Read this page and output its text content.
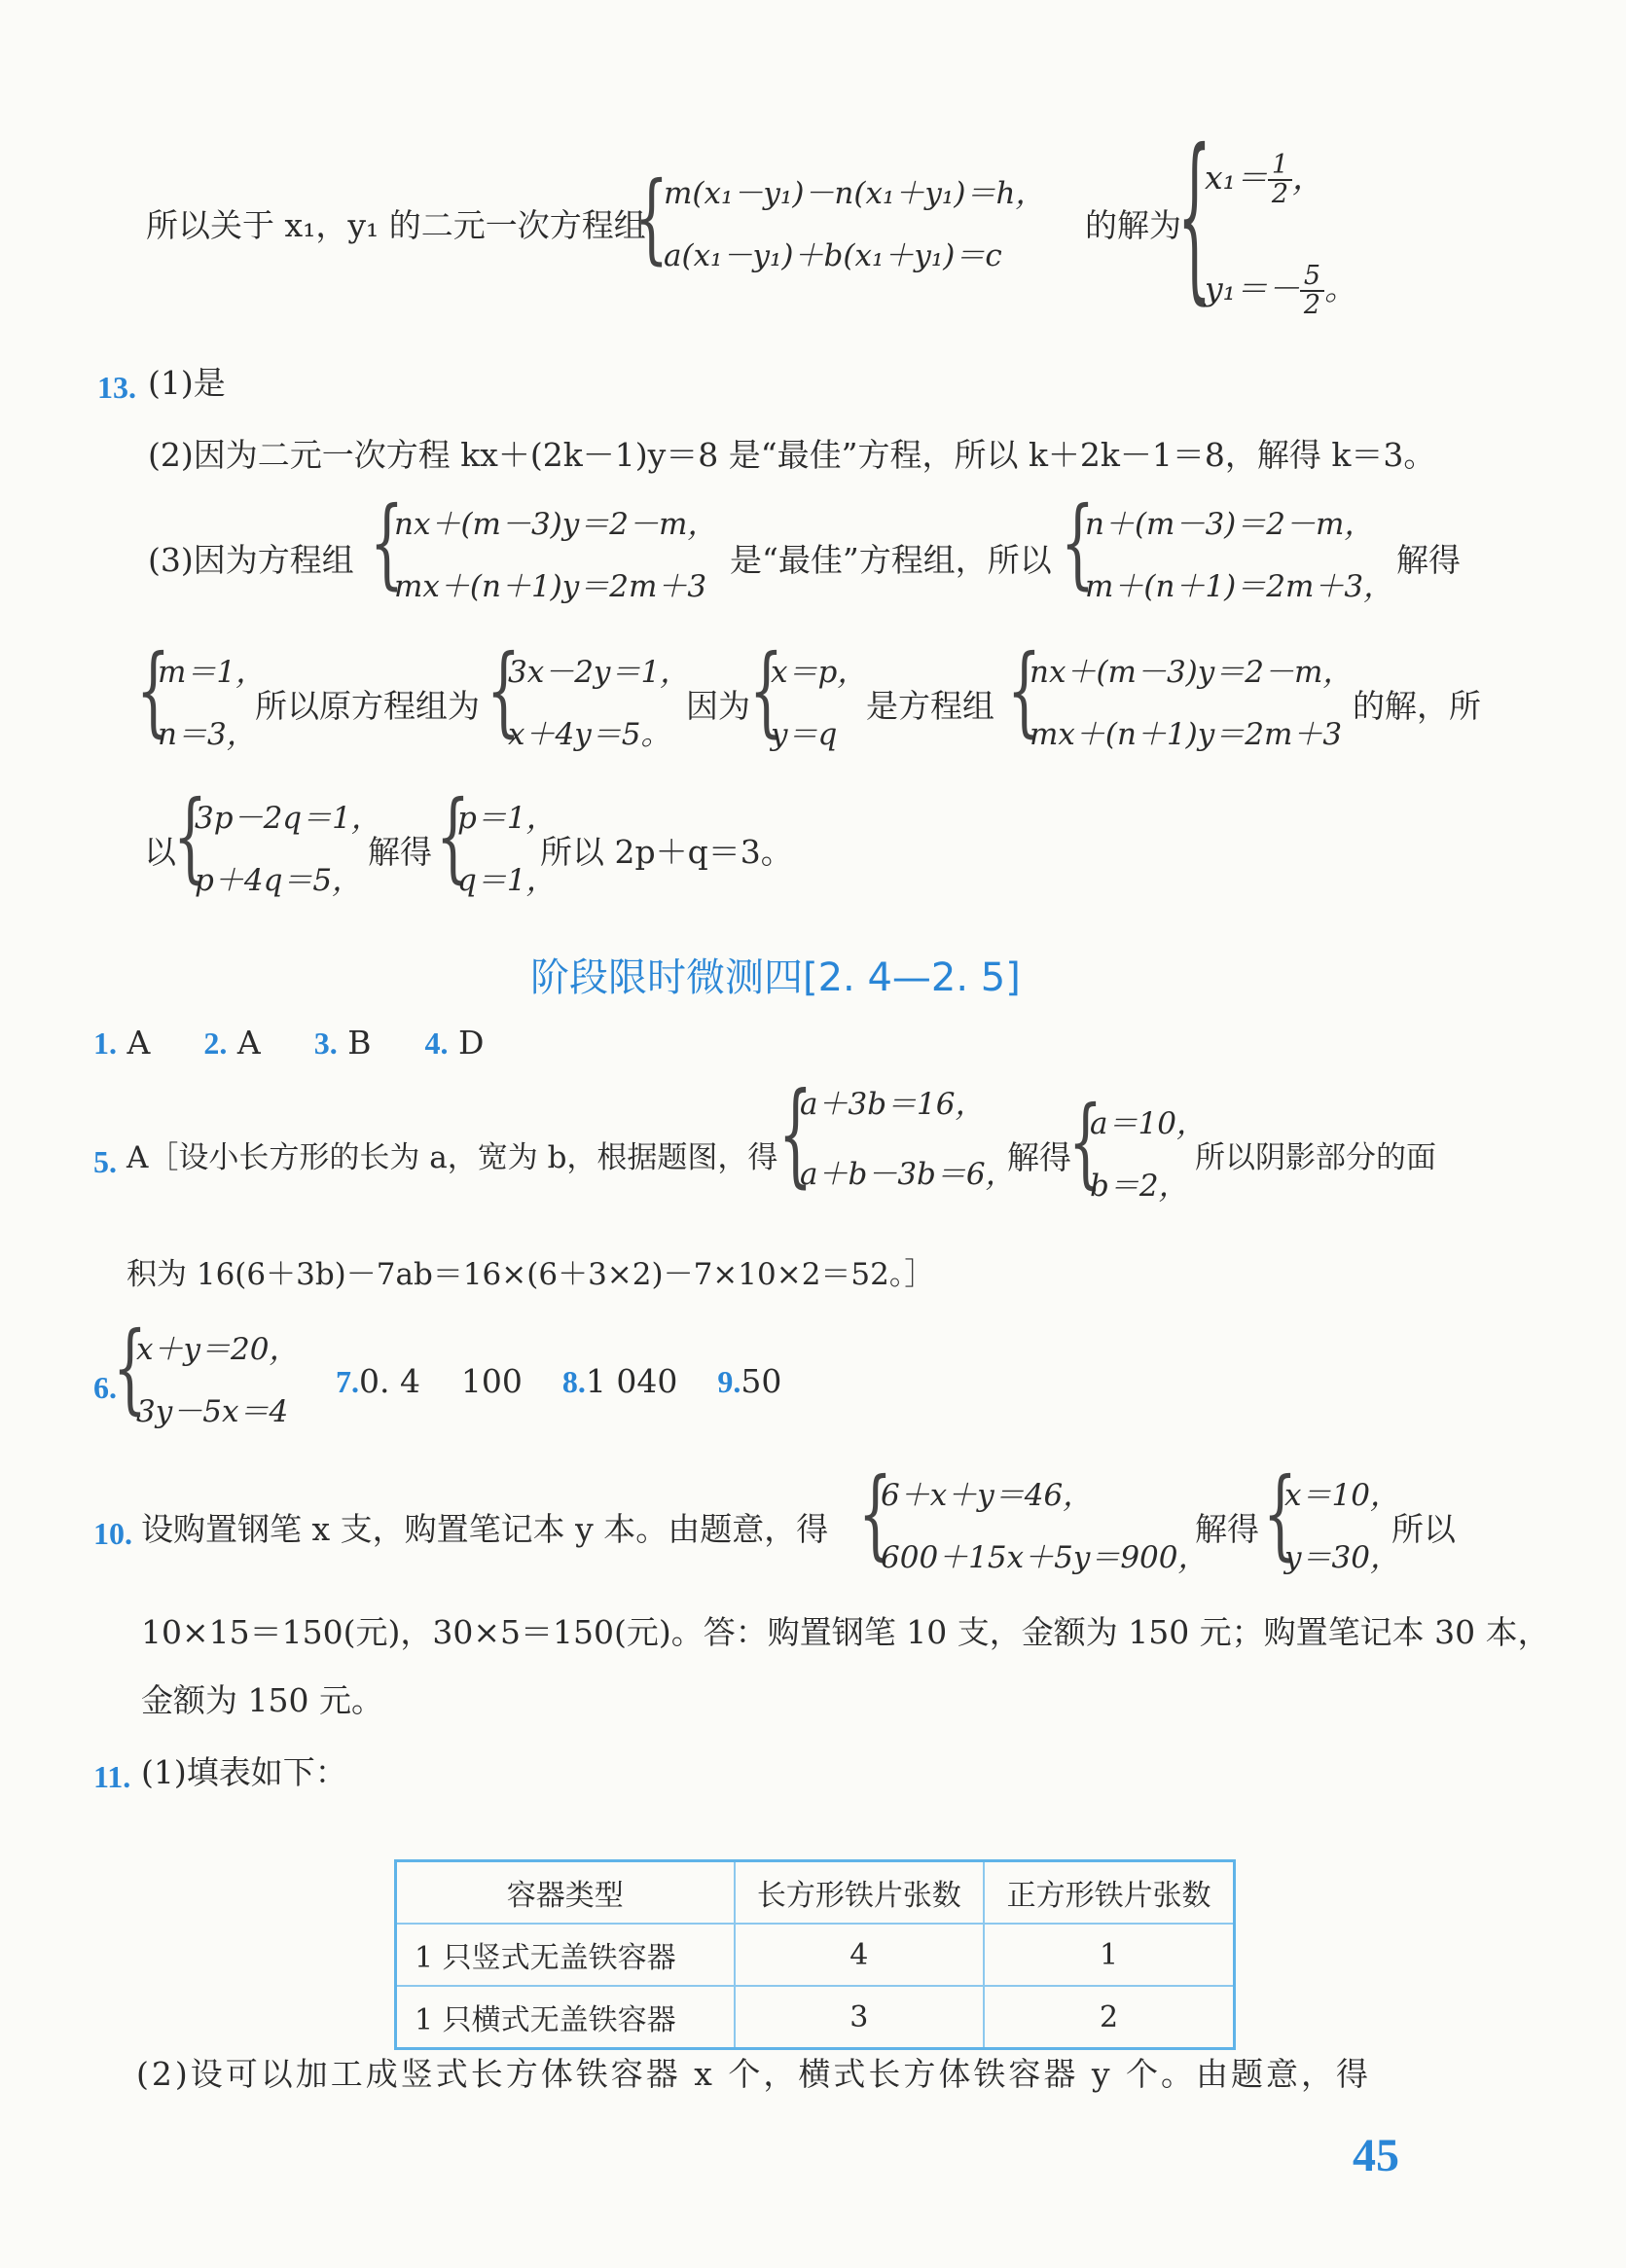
所以关于 x₁，y₁ 的二元一次方程组
{
m(x₁－y₁)－n(x₁＋y₁)＝h，
a(x₁－y₁)＋b(x₁＋y₁)＝c
的解为
{
$x_1= \frac{1}{2}$ ，
$y_1=- \frac{5}{2}$ 。
13. (1)是
(2)因为二元一次方程 kx＋(2k－1)y＝8 是“最佳”方程，所以 k＋2k－1＝8，解得 k＝3。
(3)因为方程组 {
nx＋(m－3)y＝2－m，
mx＋(n＋1)y＝2m＋3
是“最佳”方程组，所以 {
n＋(m－3)＝2－m，
m＋(n＋1)＝2m＋3，
解得
{
m＝1，
n＝3，
所以原方程组为 {
3x－2y＝1，
x＋4y＝5。
因为 {
x＝p，
y＝q
是方程组 {
nx＋(m－3)y＝2－m，
mx＋(n＋1)y＝2m＋3
的解，所
以
{
3p－2q＝1，
p＋4q＝5，
解得 {
p＝1，
q＝1，
所以 2p＋q＝3。
阶段限时微测四[2. 4—2. 5]
1. A 2. A 3. B 4. D
5. A［设小长方形的长为 a，宽为 b，根据题图，得 {
a＋3b＝16，
a＋b－3b＝6，
解得
{
a＝10，
b＝2，
所以阴影部分的面
积为 16(6＋3b)－7ab＝16×(6＋3×2)－7×10×2＝52。］
6.
{
x＋y＝20，
3y－5x＝4
7.0. 4    100 8.1 040 9.50
10. 设购置钢笔 x 支，购置笔记本 y 本。由题意，得 {
6＋x＋y＝46，
600＋15x＋5y＝900，
解得 {
x＝10，
y＝30，
所以
10×15＝150(元)，30×5＝150(元)。答：购置钢笔 10 支，金额为 150 元；购置笔记本 30 本，
金额为 150 元。
11. (1)填表如下：
容器类型	长方形铁片张数	正方形铁片张数
1 只竖式无盖铁容器	4	1
1 只横式无盖铁容器	3	2
(2)设可以加工成竖式长方体铁容器 x 个，横式长方体铁容器 y 个。由题意，得
45
